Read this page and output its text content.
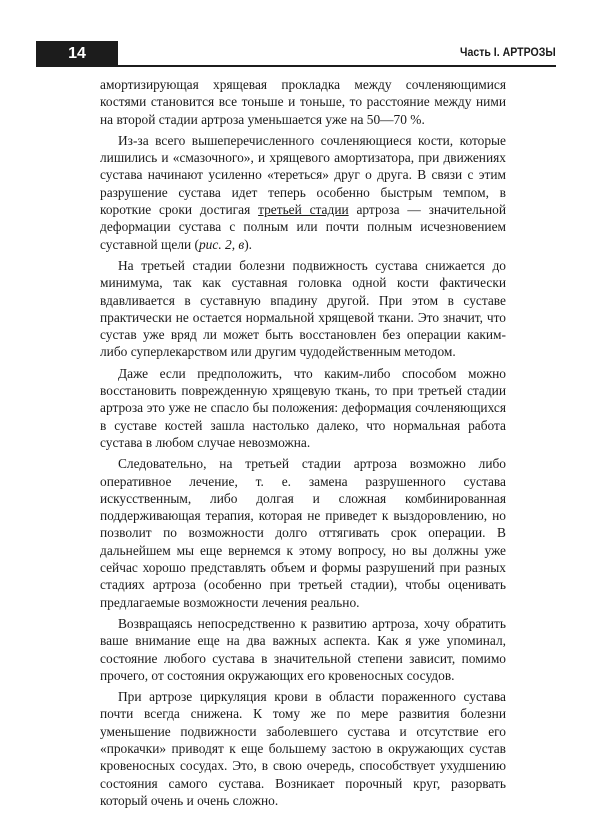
14	Часть I. АРТРОЗЫ

амортизирующая хрящевая прокладка между сочленяющимися костями становится все тоньше и тоньше, то расстояние между ними на второй стадии артроза уменьшается уже на 50—70 %.

Из-за всего вышеперечисленного сочленяющиеся кости, которые лишились и «смазочного», и хрящевого амортизатора, при движениях сустава начинают усиленно «тереться» друг о друга. В связи с этим разрушение сустава идет теперь особенно быстрым темпом, в короткие сроки достигая третьей стадии артроза — значительной деформации сустава с полным или почти полным исчезновением суставной щели (рис. 2, в).

На третьей стадии болезни подвижность сустава снижается до минимума, так как суставная головка одной кости фактически вдавливается в суставную впадину другой. При этом в суставе практически не остается нормальной хрящевой ткани. Это значит, что сустав уже вряд ли может быть восстановлен без операции каким-либо суперлекарством или другим чудодейственным методом.

Даже если предположить, что каким-либо способом можно восстановить поврежденную хрящевую ткань, то при третьей стадии артроза это уже не спасло бы положения: деформация сочленяющихся в суставе костей зашла настолько далеко, что нормальная работа сустава в любом случае невозможна.

Следовательно, на третьей стадии артроза возможно либо оперативное лечение, т. е. замена разрушенного сустава искусственным, либо долгая и сложная комбинированная поддерживающая терапия, которая не приведет к выздоровлению, но позволит по возможности долго оттягивать срок операции. В дальнейшем мы еще вернемся к этому вопросу, но вы должны уже сейчас хорошо представлять объем и формы разрушений при разных стадиях артроза (особенно при третьей стадии), чтобы оценивать предлагаемые возможности лечения реально.

Возвращаясь непосредственно к развитию артроза, хочу обратить ваше внимание еще на два важных аспекта. Как я уже упоминал, состояние любого сустава в значительной степени зависит, помимо прочего, от состояния окружающих его кровеносных сосудов.

При артрозе циркуляция крови в области пораженного сустава почти всегда снижена. К тому же по мере развития болезни уменьшение подвижности заболевшего сустава и отсутствие его «прокачки» приводят к еще большему застою в окружающих сустав кровеносных сосудах. Это, в свою очередь, способствует ухудшению состояния самого сустава. Возникает порочный круг, разорвать который очень и очень сложно.
